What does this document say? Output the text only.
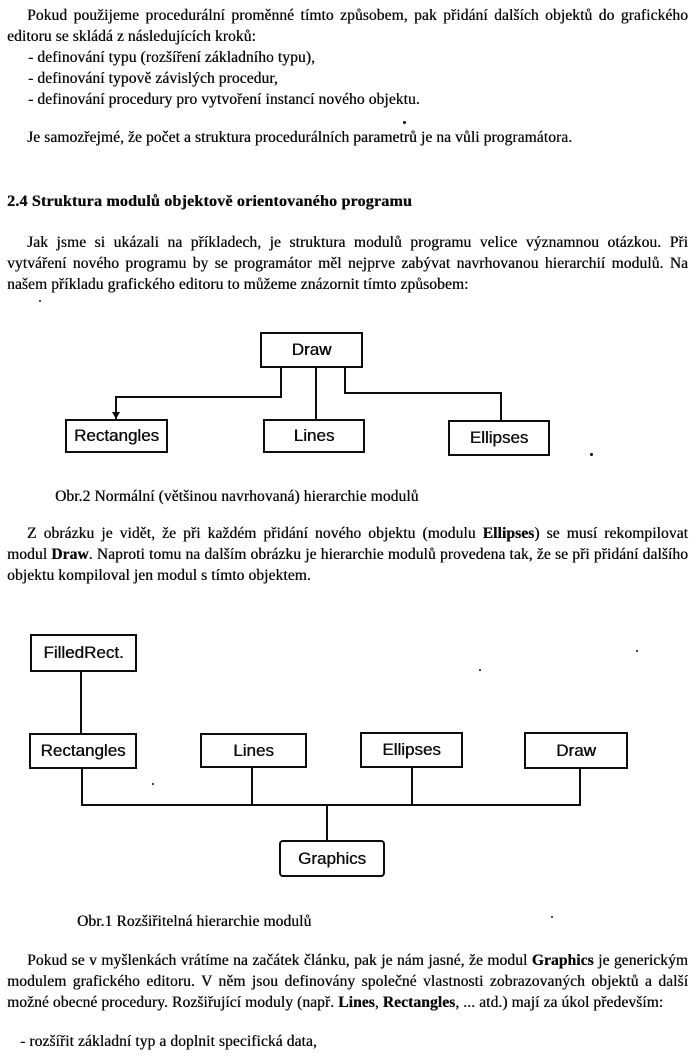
Pokud použijeme procedurální proměnné tímto způsobem, pak přidání dalších objektů do grafického editoru se skládá z následujících kroků:
- definování typu (rozšíření základního typu),
- definování typově závislých procedur,
- definování procedury pro vytvoření instancí nového objektu.
Je samozřejmé, že počet a struktura procedurálních parametrů je na vůli programátora.
2.4 Struktura modulů objektově orientovaného programu
Jak jsme si ukázali na příkladech, je struktura modulů programu velice významnou otázkou. Při vytváření nového programu by se programátor měl nejprve zabývat navrhovanou hierarchií modulů. Na našem příkladu grafického editoru to můžeme znázornit tímto způsobem:
Draw
Rectangles	Lines	Ellipses
Obr.2 Normální (většinou navrhovaná) hierarchie modulů
Z obrázku je vidět, že při každém přidání nového objektu (modulu Ellipses) se musí rekompilovat modul Draw. Naproti tomu na dalším obrázku je hierarchie modulů provedena tak, že se při přidání dalšího objektu kompiloval jen modul s tímto objektem.
FilledRect.
Rectangles	Lines	Ellipses	Draw
Graphics
Obr.1 Rozšiřitelná hierarchie modulů
Pokud se v myšlenkách vrátíme na začátek článku, pak je nám jasné, že modul Graphics je generickým modulem grafického editoru. V něm jsou definovány společné vlastnosti zobrazovaných objektů a další možné obecné procedury. Rozšiřující moduly (např. Lines, Rectangles, ... atd.) mají za úkol především:
- rozšířit základní typ a doplnit specifická data,
